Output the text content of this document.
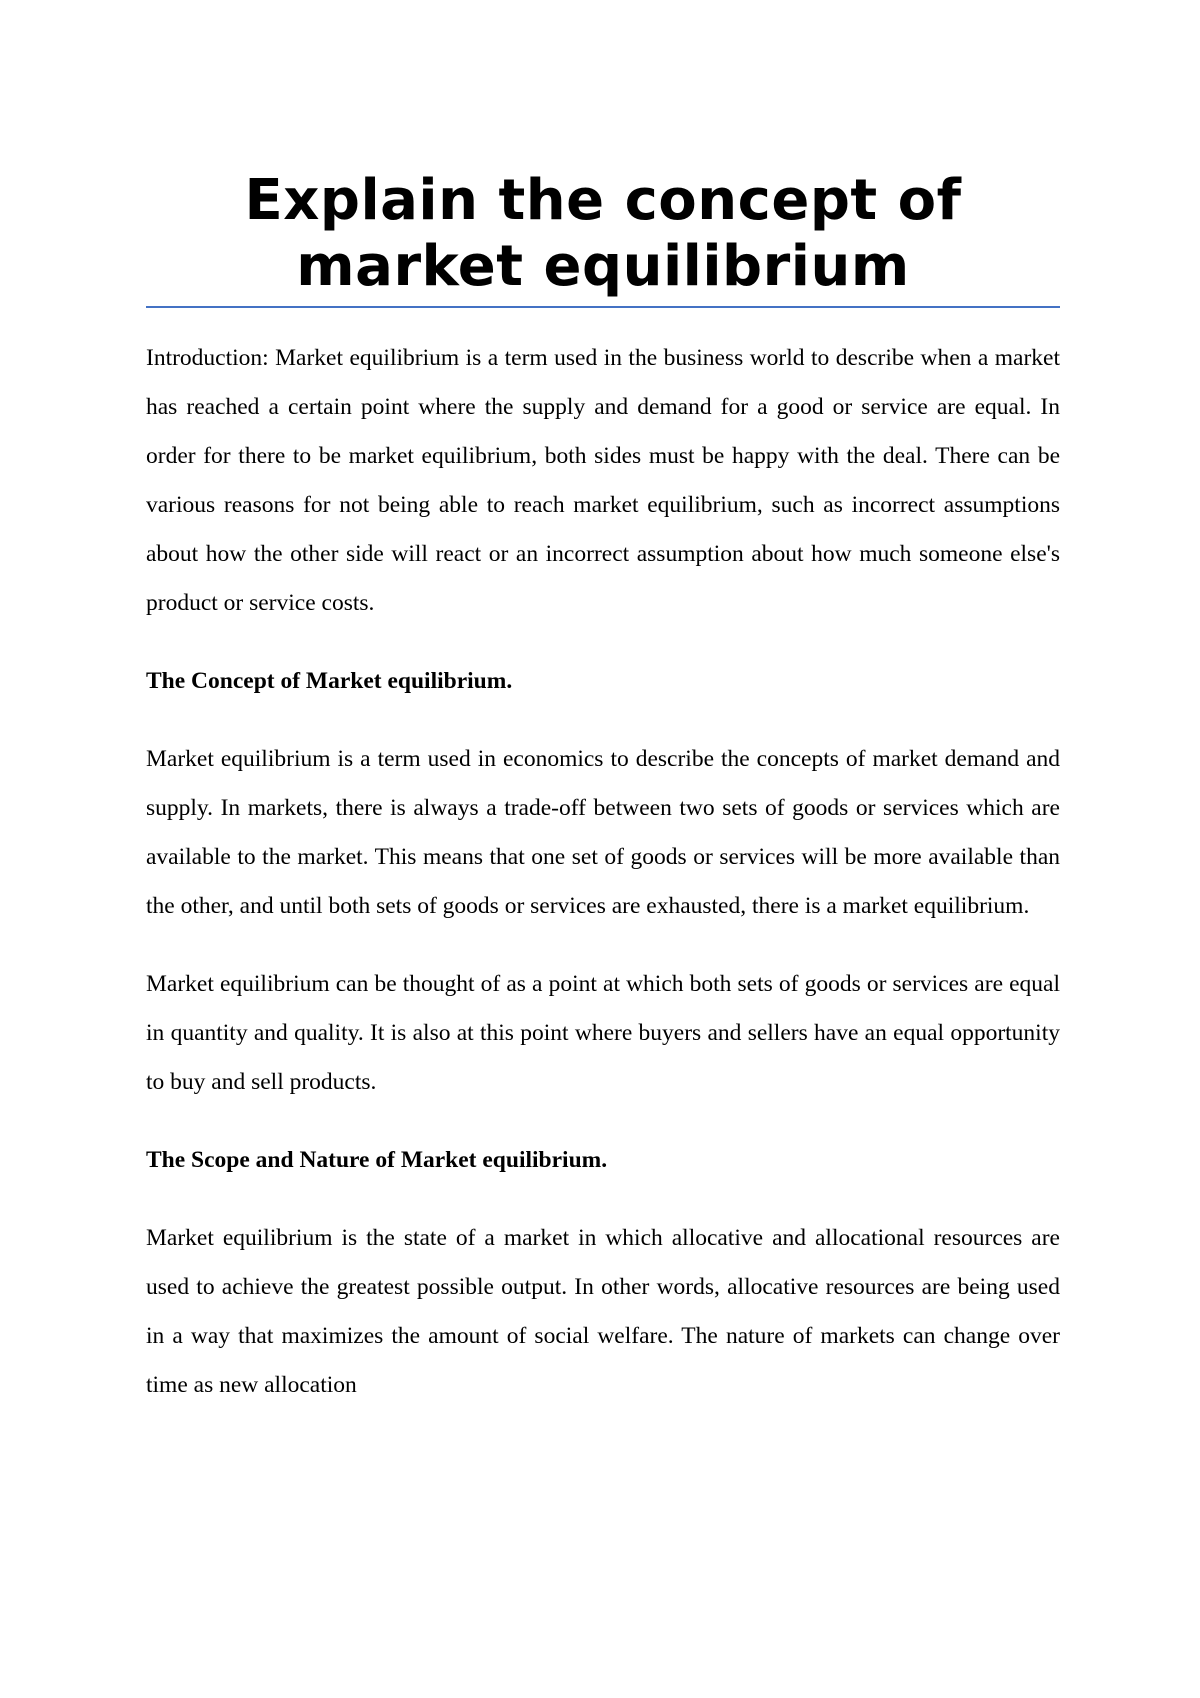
Explain the concept of market equilibrium

Introduction: Market equilibrium is a term used in the business world to describe when a market has reached a certain point where the supply and demand for a good or service are equal. In order for there to be market equilibrium, both sides must be happy with the deal. There can be various reasons for not being able to reach market equilibrium, such as incorrect assumptions about how the other side will react or an incorrect assumption about how much someone else's product or service costs.

The Concept of Market equilibrium.

Market equilibrium is a term used in economics to describe the concepts of market demand and supply. In markets, there is always a trade-off between two sets of goods or services which are available to the market. This means that one set of goods or services will be more available than the other, and until both sets of goods or services are exhausted, there is a market equilibrium.

Market equilibrium can be thought of as a point at which both sets of goods or services are equal in quantity and quality. It is also at this point where buyers and sellers have an equal opportunity to buy and sell products.

The Scope and Nature of Market equilibrium.

Market equilibrium is the state of a market in which allocative and allocational resources are used to achieve the greatest possible output. In other words, allocative resources are being used in a way that maximizes the amount of social welfare. The nature of markets can change over time as new allocation
